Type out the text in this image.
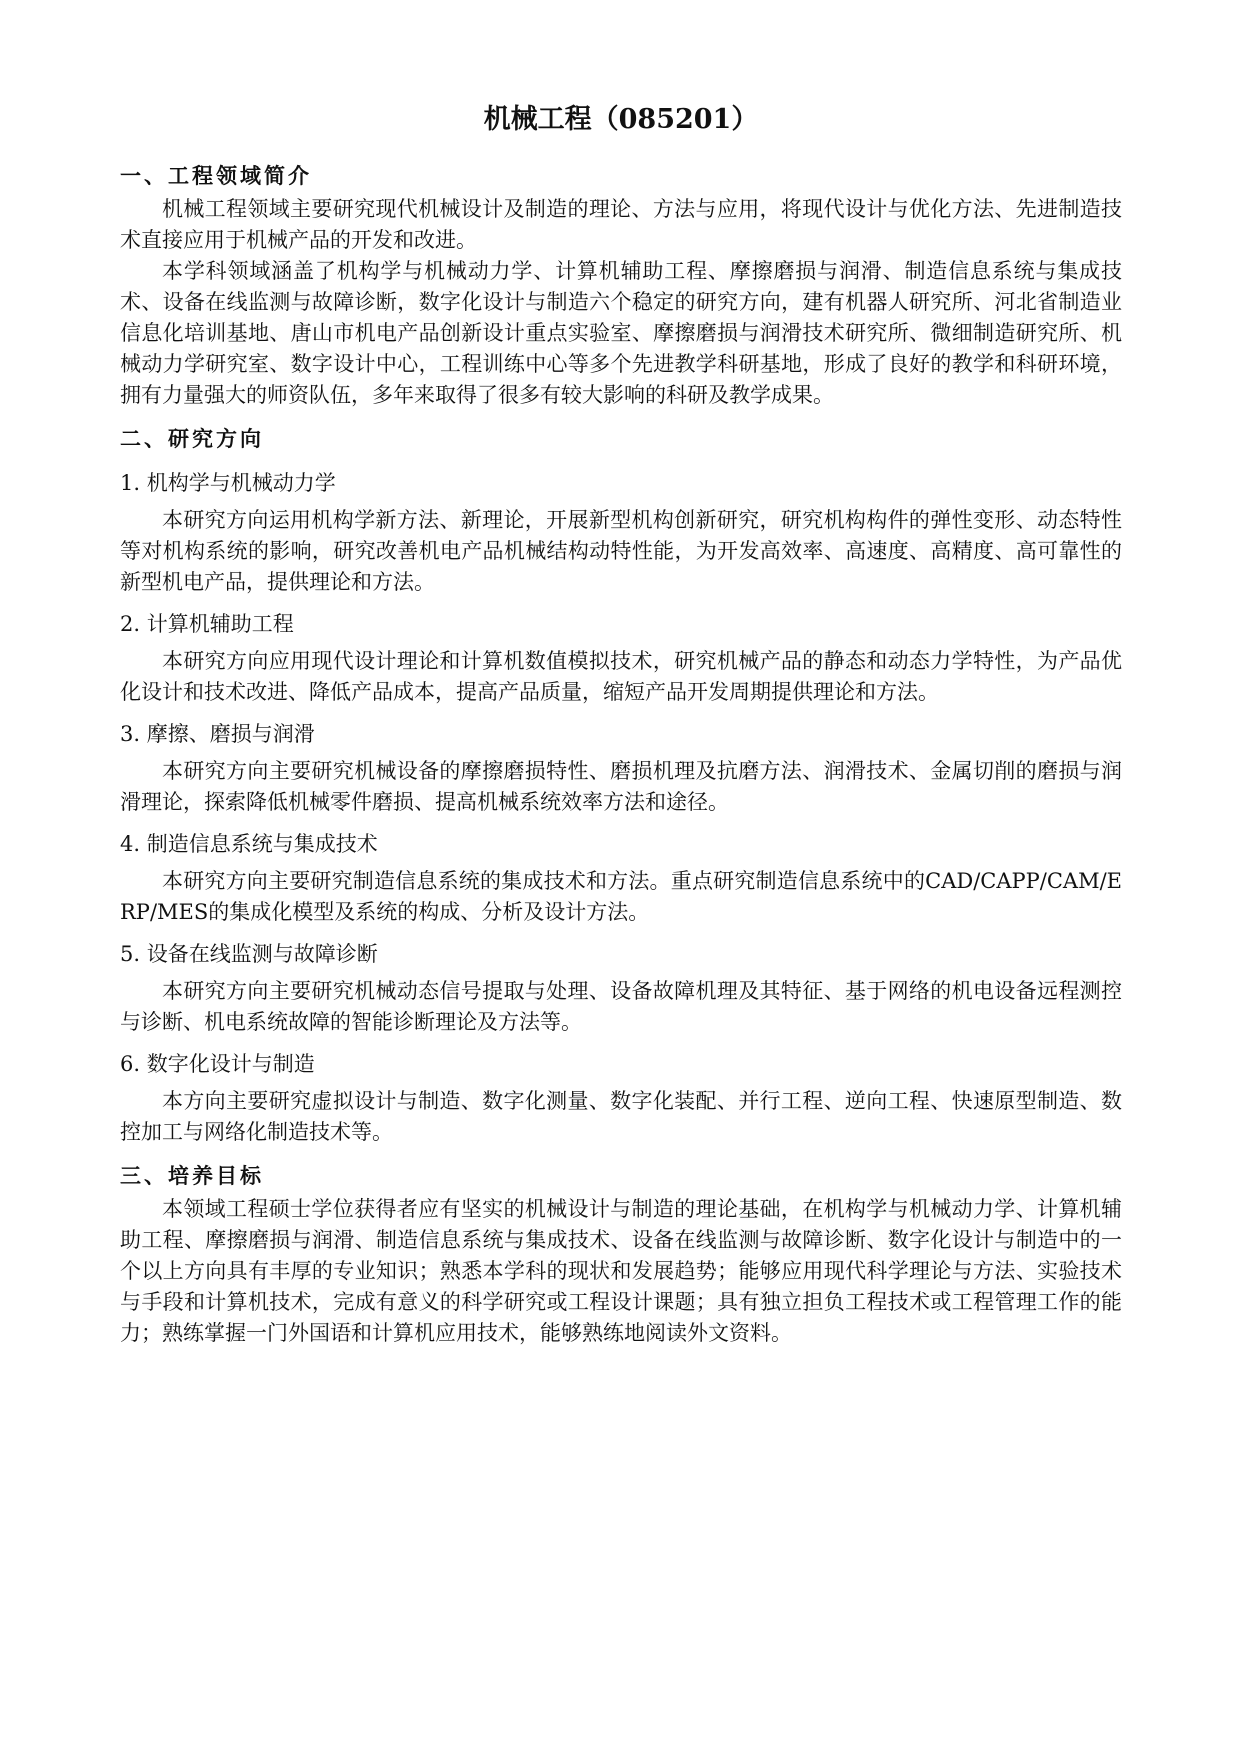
机械工程（085201）
一、工程领域简介

机械工程领域主要研究现代机械设计及制造的理论、方法与应用，将现代设计与优化方法、先进制造技术直接应用于机械产品的开发和改进。

本学科领域涵盖了机构学与机械动力学、计算机辅助工程、摩擦磨损与润滑、制造信息系统与集成技术、设备在线监测与故障诊断，数字化设计与制造六个稳定的研究方向，建有机器人研究所、河北省制造业信息化培训基地、唐山市机电产品创新设计重点实验室、摩擦磨损与润滑技术研究所、微细制造研究所、机械动力学研究室、数字设计中心，工程训练中心等多个先进教学科研基地，形成了良好的教学和科研环境，拥有力量强大的师资队伍，多年来取得了很多有较大影响的科研及教学成果。

二、研究方向
1. 机构学与机械动力学

本研究方向运用机构学新方法、新理论，开展新型机构创新研究，研究机构构件的弹性变形、动态特性等对机构系统的影响，研究改善机电产品机械结构动特性能，为开发高效率、高速度、高精度、高可靠性的新型机电产品，提供理论和方法。

2. 计算机辅助工程

本研究方向应用现代设计理论和计算机数值模拟技术，研究机械产品的静态和动态力学特性，为产品优化设计和技术改进、降低产品成本，提高产品质量，缩短产品开发周期提供理论和方法。

3. 摩擦、磨损与润滑

本研究方向主要研究机械设备的摩擦磨损特性、磨损机理及抗磨方法、润滑技术、金属切削的磨损与润滑理论，探索降低机械零件磨损、提高机械系统效率方法和途径。

4. 制造信息系统与集成技术

本研究方向主要研究制造信息系统的集成技术和方法。重点研究制造信息系统中的CAD/CAPP/CAM/ERP/MES的集成化模型及系统的构成、分析及设计方法。

5. 设备在线监测与故障诊断

本研究方向主要研究机械动态信号提取与处理、设备故障机理及其特征、基于网络的机电设备远程测控与诊断、机电系统故障的智能诊断理论及方法等。

6. 数字化设计与制造

本方向主要研究虚拟设计与制造、数字化测量、数字化装配、并行工程、逆向工程、快速原型制造、数控加工与网络化制造技术等。

三、培养目标

本领域工程硕士学位获得者应有坚实的机械设计与制造的理论基础，在机构学与机械动力学、计算机辅助工程、摩擦磨损与润滑、制造信息系统与集成技术、设备在线监测与故障诊断、数字化设计与制造中的一个以上方向具有丰厚的专业知识；熟悉本学科的现状和发展趋势；能够应用现代科学理论与方法、实验技术与手段和计算机技术，完成有意义的科学研究或工程设计课题；具有独立担负工程技术或工程管理工作的能力；熟练掌握一门外国语和计算机应用技术，能够熟练地阅读外文资料。
